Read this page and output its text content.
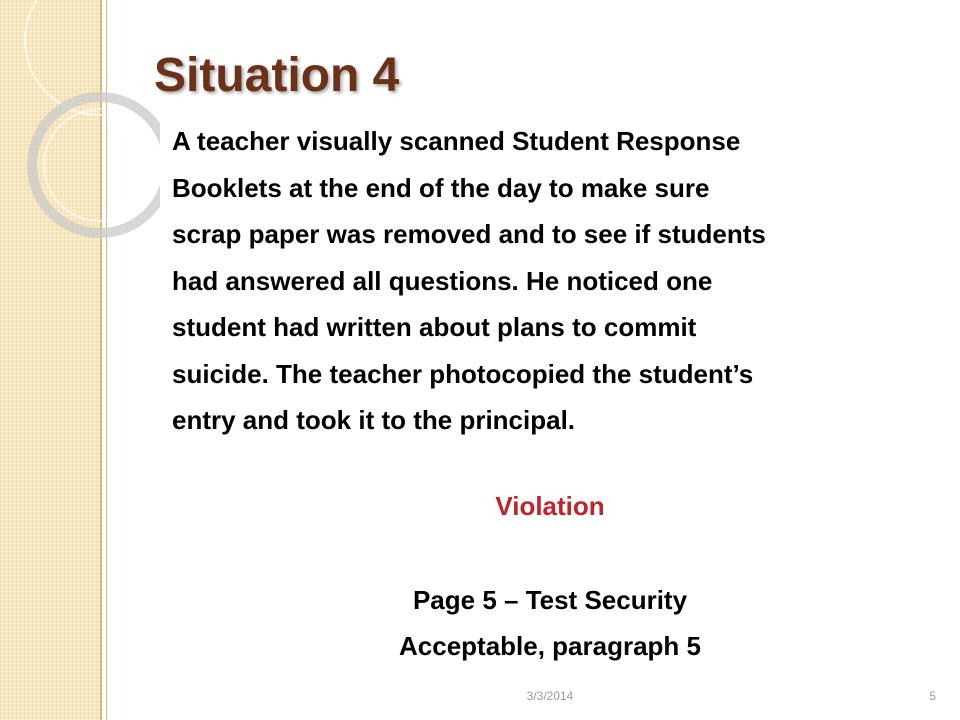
Situation 4
A teacher visually scanned Student Response
Booklets at the end of the day to make sure
scrap paper was removed and to see if students
had answered all questions. He noticed one
student had written about plans to commit
suicide. The teacher photocopied the student’s
entry and took it to the principal.
Violation
Page 5 – Test Security
Acceptable, paragraph 5
3/3/2014	5
